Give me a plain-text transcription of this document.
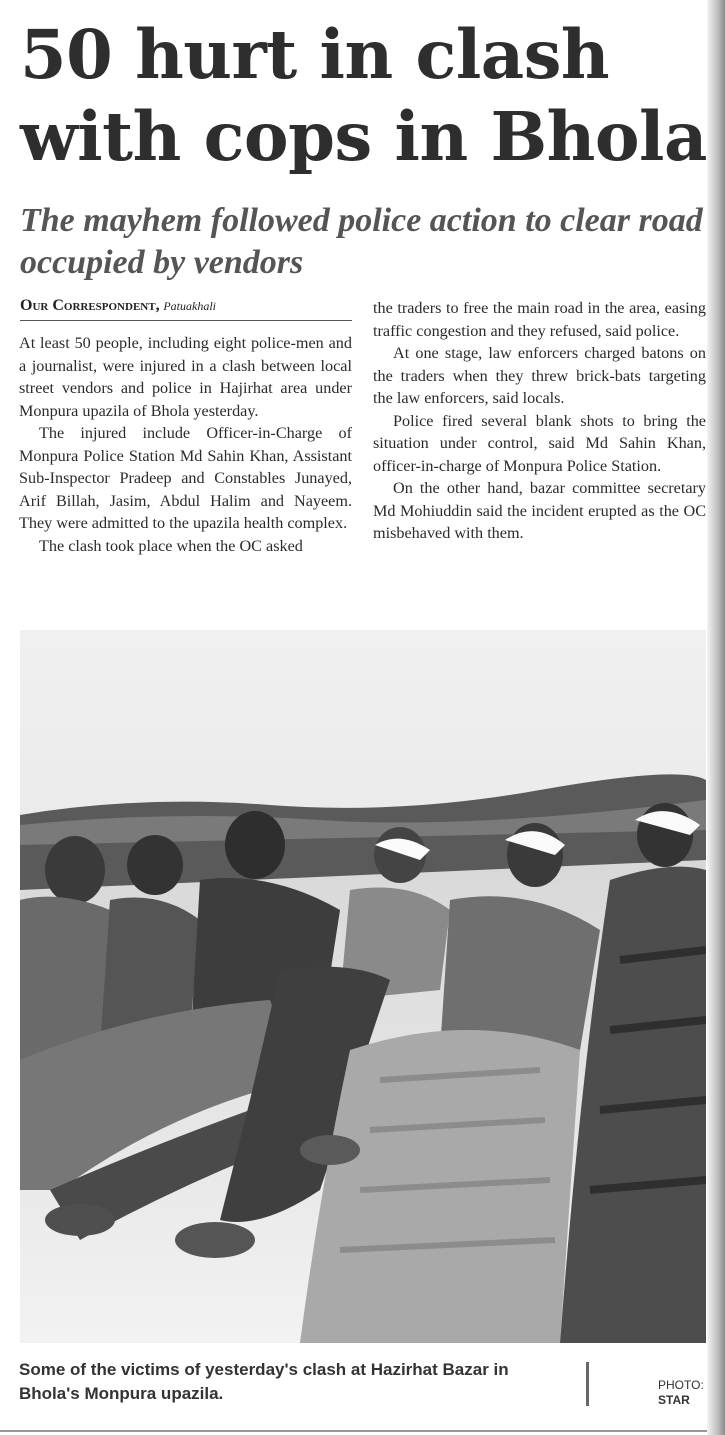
50 hurt in clash with cops in Bhola
The mayhem followed police action to clear road occupied by vendors
Our Correspondent, Patuakhali

At least 50 people, including eight police-men and a journalist, were injured in a clash between local street vendors and police in Hajirhat area under Monpura upazila of Bhola yesterday.

The injured include Officer-in-Charge of Monpura Police Station Md Sahin Khan, Assistant Sub-Inspector Pradeep and Constables Junayed, Arif Billah, Jasim, Abdul Halim and Nayeem. They were admitted to the upazila health complex.

The clash took place when the OC asked

the traders to free the main road in the area, easing traffic congestion and they refused, said police.

At one stage, law enforcers charged batons on the traders when they threw brick-bats targeting the law enforcers, said locals.

Police fired several blank shots to bring the situation under control, said Md Sahin Khan, officer-in-charge of Monpura Police Station.

On the other hand, bazar committee secretary Md Mohiuddin said the incident erupted as the OC misbehaved with them.

Some of the victims of yesterday's clash at Hazirhat Bazar in Bhola's Monpura upazila.	PHOTO:
STAR
